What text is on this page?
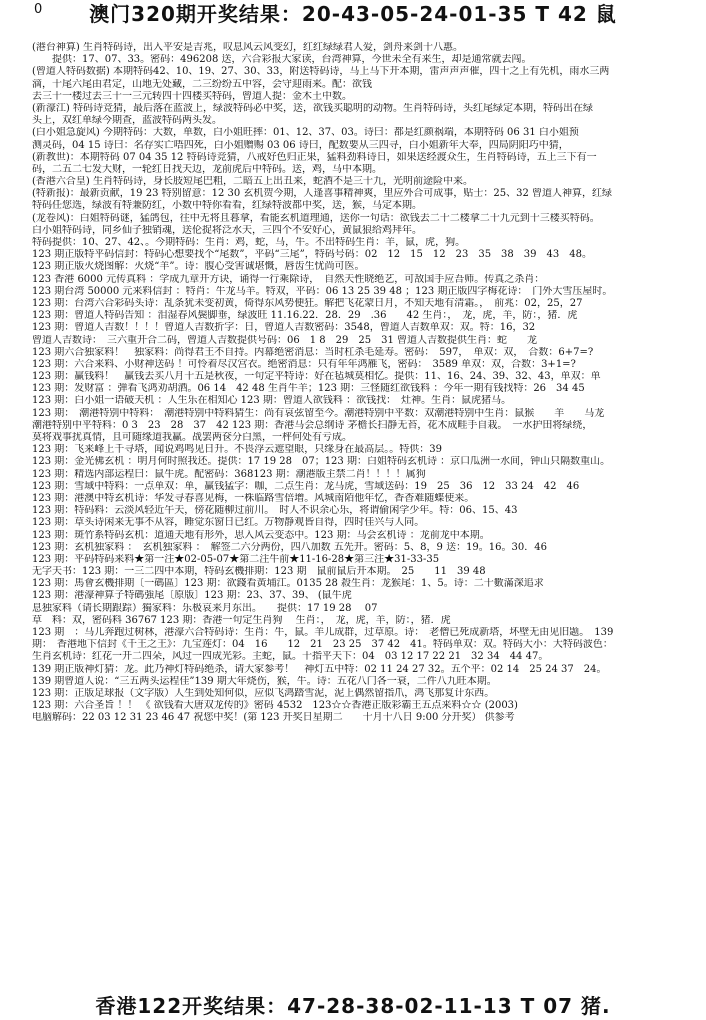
0	澳门320期开奖结果：20-43-05-24-01-35 T 42 鼠
(港台神算) 生肖特码诗，出入平安是吉兆，叹息风云风变幻，红红绿绿君人爱，剑舟来剑十八惠。
　　提供：17、07、33。密码：496208 送，六合彩报大家读，台湾神算，今世未全有来生，却是通常就去闯。
(曾道人特码数据) 本期特码42、10、19、27、30、33，附送特码诗，马上马下开本期，雷声声声催，四十之上有先机，雨水三两
滴，十尾六尾由君定，山地无处藏，二三纷纷五中容，会守迎雨来。配：欲钱
去三十一楼过去三十一三元转四十四楼买特码，曾道人提：金木土中数。
(新濠江) 特码诗竞猜，最后落在蓝波上，绿波特码必中奖，送，欲钱买聪明的动物。生肖特码诗，头红尾绿定本期，特码出在绿
头上，双红单绿今期查，蓝波特码两头发。
(白小姐急旋风) 今期特码：大数，单数，白小姐旺摔：01、12、37、03。诗曰：都是红颜祸端，本期特码 06 31 白小姐预
测灵码，04 15 诗曰：名存实亡唔四死，白小姐赠赐 03 06 诗曰，配数要从三四寻，白小姐新年大奉，四局阴阳巧中猜，
(新教世)：本期特码 07 04 35 12 特码诗竞猜，八戒好色归正果，猛料劲料诗日，如果送经渡众生，生肖特码诗，五上三下有一
码，二五二七发大财，一轮红日找天边，龙前虎后中特码。送，鸡，马中本期。
(香港六合皇) 生肖特码诗，身长肢短尾巴粗，二暗五上出丑来，蛇酒不是三十九，光明前途险中来。
(特新报)：最新贡献，19 23 特别留意：12 30 玄机贺今期，人逢喜事精神爽，里应外合可成事，贴士：25、32 曾道人神算，红绿
特码任您选，绿波有特兼防红，小数中特你看看，红绿特波都中奖，送，猴，马定本期。
(龙卷风)：白姐特码谜，猛鸽包，往中无将且暮拿，看能玄机道理通，送你一句话：欲钱去二十二楼拿二十九元到十三楼买特码。
白小姐特码诗，同乡仙子独销魂，送伦捉将泛水天，三四个不安好心，黄鼠狼给鸡拜年。
特码提供：10、27、42、。今期特码：生肖：鸡，蛇，马，牛。不出特码生肖：羊，鼠，虎，狗。
123 期正版特平码信封：特码心想要找个“尾数”，平码“三尾”，特码号码：02　12　15　12　23　35　38　39　43　48。
123 期正版火烧图解：火烧“羊”。诗：腹心受害诚堪慨，唇齿生忧尚可医。
123 香港 6000 元传真料 ：学成九章开方诀，诵得一行乘除诗，　自然天性晓绝艺，可敌国手应吾师。传真之杀肖：
123 期台湾 50000 元来料信封 ：特肖：牛龙马羊。特双，平码：06 13 25 39 48 ；123 期正版四字梅花诗：　门外大雪压屋时。
123 期：台湾六合彩码头诗：乱条犹未变初黄，倚得东风势便狂。解把飞花蒙日月，不知天地有清霜。，　前兆：02，25，27
123 期：曾道人特码告知 ：泪湿春风鬓脚垂，绿波旺 11.16.22．28．29　.36　　42 生肖：，　龙，虎，羊，防：，猪．虎
123 期：曾道人吉数！！！！曾道人吉数折字：日，曾道人吉数密码：3548，曾道人吉数单双：双。特：16，32
曾道人吉数诗：　三六重开合二码，曾道人吉数提供号码：06　1 8　29　25　31 曾道人吉数提供生肖：蛇　　龙
123 期六合独家料！　独家料：尚得君王不自持。内幕绝密消息：当时杠杀毛延寿。密码：　597，　单双：双，　合数：6+7=?
123 期：六合来料、小财神送码 ！可怜着尽汉宫衣。绝密消息：只有年年鸿雁飞，密码：　3589 单双：双，合数：3+1=?
123 期：赢钱料！　赢钱去买八月十五是秋夜，一句定平特诗：好在毡城莫相忆。提供：11、16、24、39、32、43，单双：单
123 期：发财富 ：弹看飞鸿劝胡酒。06 14　42 48 生肖牛羊；123 期：三怪随红欲钱料 ：今年一期有钱找特：26　34 45
123 期：白小姐一语破天机 ：人生乐在相知心 123 期：曾道人欲钱料 ：欲钱找：　灶神。生肖：鼠虎猪马。
123 期：　潮港特别中特料：　潮港特别中特料猜生：尚有哀弦留至今。潮港特别中平数：双潮港特别中生肖：鼠猴　　羊　　马龙
潮港特别中平特料：0 3　23　28　37　42 123 期：香港马会总纲诗 茅檐长扫静无苔，花木成畦手自栽。　一水护田将绿绕，
莫将戏事扰真情，且可随缘道我赢。战罢两奁分白黑，一枰何处有亏成。
123 期：飞来峰上千寻塔，闻说鸡鸣见日升。不畏浮云遮望眼，只缘身在最高层。。特供：39
123 期：金光佛玄机 ：明月何时照我还。提供：17 19 28　07；123 期：白姐特码玄机诗 ：京口瓜洲一水间，钟山只隔数重山。
123 期：精选内部运程曰：鼠牛虎。配密码：368123 期：潮港版主禁二肖！！！！属狗
123 期：雪域中特料：一点单双：单，赢钱猛字：咖，二点生肖：龙马虎，雪域送码：19　25　36　12　33 24　42　46
123 期：港澳中特玄机诗：华发寻春喜见梅，一株临路雪倍增。风城南陌他年忆，香杳难随蝶使来。
123 期：特码料：云淡风轻近午天，傍花随柳过前川。　时人不识余心乐，将谓偷闲学少年。特：06、15、43
123 期：草头诗闲来无事不从容，睡觉东窗日已红。万物静观皆自得，四时佳兴与人同。
123 期：斑竹系特码玄机：道通天地有形外，思入风云变态中。123 期：马会玄机诗 ：龙前龙中本期。
123 期：玄机独家料 ：　玄机独家料 ：　解签二六分两份，四八加数 五先开。密码：5、8，9 送：19。16。30．46
123 期：平码特码来料★第一注★02-05-07★第二注牛前★11-16-28★第三注★31-33-35
无字天书：123 期：一三二四中本期，特码玄機排期：123 期　鼠前鼠后开本期。　25　　11　39 48
123 期：馬會玄機排期〔一碼區〕123 期：欲錢看黃埔江。0135 28 殺生肖：龙猴尾：1、5。诗：二十數滿深追求
123 期：港濠神算子特碼強尾〔原版〕123 期：23、37、39、 (鼠牛虎
息独家料（请长期跟踪）獨家料：乐极哀来月东出。　　提供：17 19 28　 07
草　料：双，密码料 36767 123 期：香港一句定生肖狗　 生肖：，　龙，虎，羊，防：，猪．虎
123 期　：马儿奔跑过树林，港濠六合特码诗：生肖：牛，鼠。羊儿成群，过草原。诗：　老僧已死成新塔，坏壁无由见旧题。　139
期：　香港地下信封《千王之王》：九宝莲灯：04　16　　12　21　23 25　37 42　41。特码单双：双。特码大小：大特码波色：
生肖玄机诗：红花一开二四朵，风过一四成光彩。主蛇，鼠。十指平天下：04　03 12 17 22 21　32 34　44 47。
139 期正版神灯猜：龙。此乃神灯特码绝杀，请大家参考！　神灯五中特：02 11 24 27 32。五个平：02 14　25 24 37　24。
139 期曾道人说：“三五两头运程佳”139 期大年烧伤，猴，牛。诗：五花八门各一衰，二件八九旺本期。
123 期：正版足球报（文字版）人生到处知何似，应似飞鸿踏雪泥，泥上偶然留指爪，鸿飞那复计东西。
123 期：六合圣旨 ！！ 《 欲钱看大唐双龙传的》密码 4532　123☆☆香港正版彩霸王五点来料☆☆ (2003)
电脑解码：22 03 12 31 23 46 47 祝您中奖！(第 123 开奖日星期二　　十月十八日 9:00 分开奖） 供参考
香港122开奖结果：47-28-38-02-11-13 T 07 猪.
